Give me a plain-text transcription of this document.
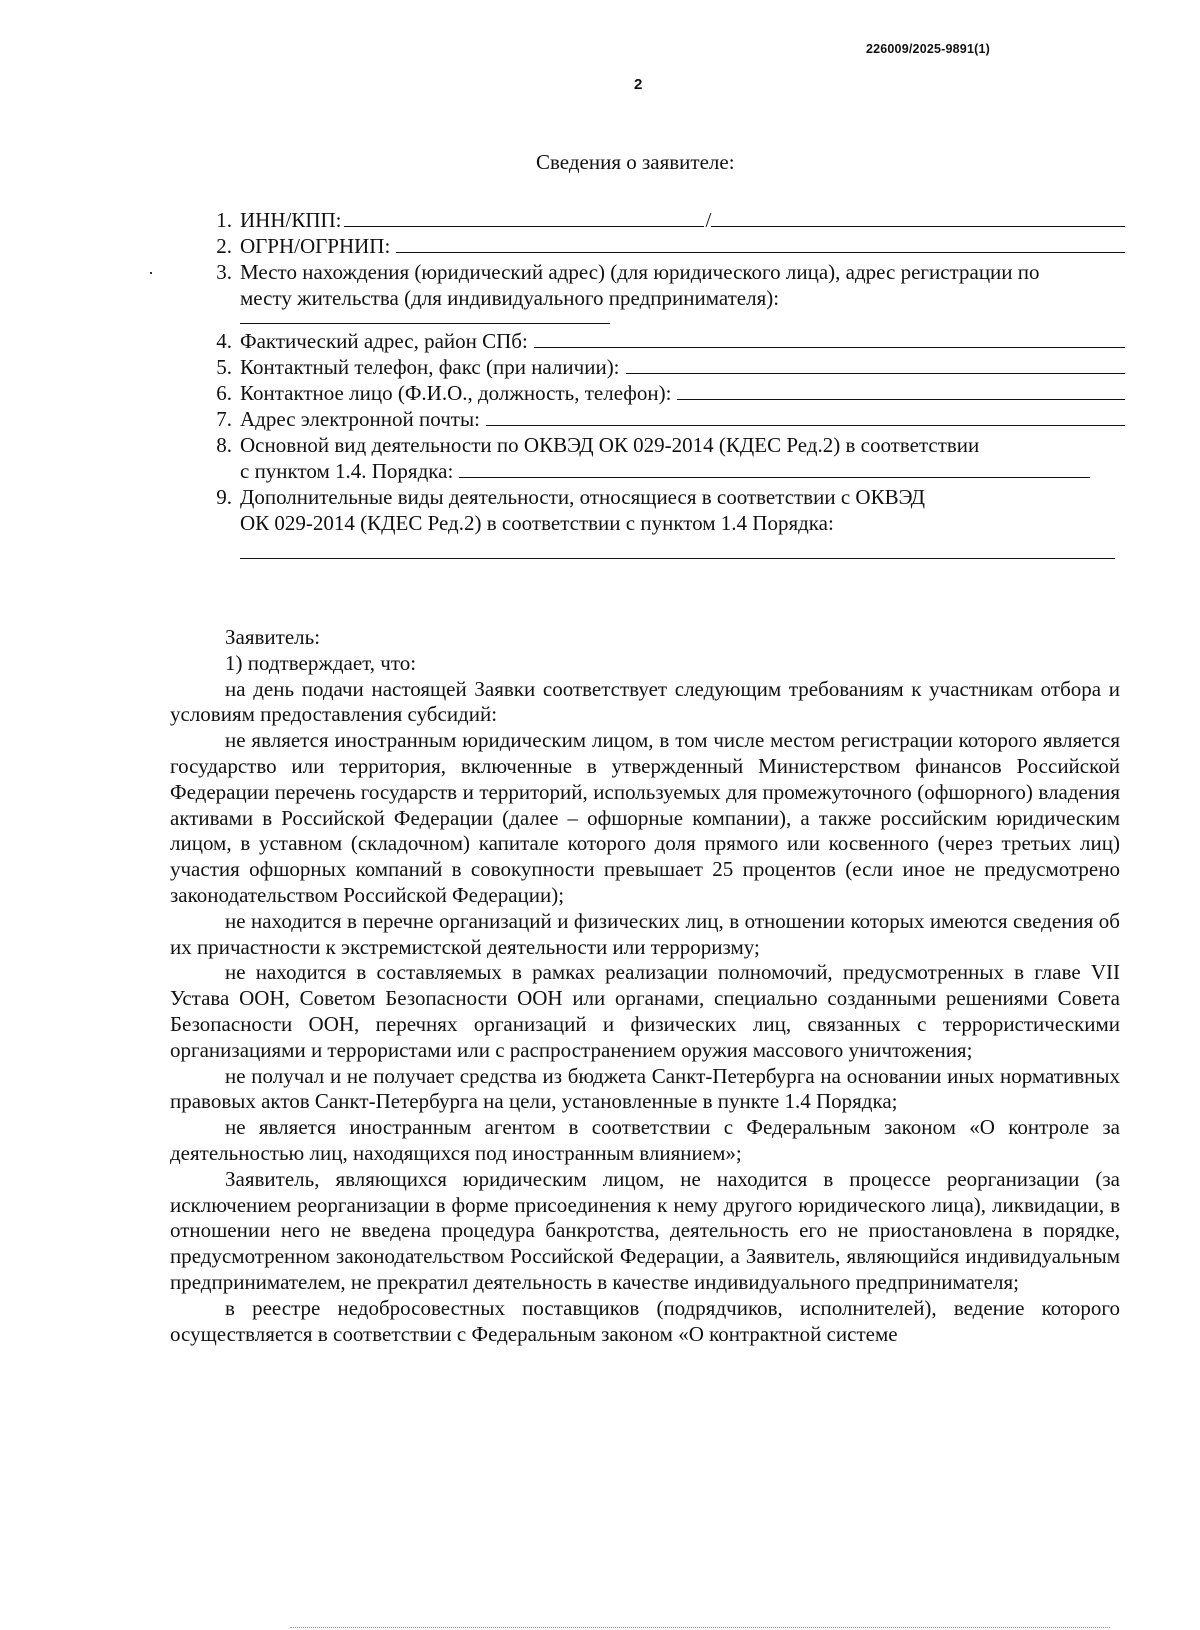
226009/2025-9891(1)
2
Сведения о заявителе:
1. ИНН/КПП:	/
2. ОГРН/ОГРНИП:
3. Место нахождения (юридический адрес) (для юридического лица), адрес регистрации по месту жительства (для индивидуального предпринимателя):
4. Фактический адрес, район СПб:
5. Контактный телефон, факс (при наличии):
6. Контактное лицо (Ф.И.О., должность, телефон):
7. Адрес электронной почты:
8. Основной вид деятельности по ОКВЭД ОК 029-2014 (КДЕС Ред.2) в соответствии
с пунктом 1.4. Порядка:
9. Дополнительные виды деятельности, относящиеся в соответствии с ОКВЭД
ОК 029-2014 (КДЕС Ред.2) в соответствии с пунктом 1.4 Порядка:

Заявитель:

1) подтверждает, что:

на день подачи настоящей Заявки соответствует следующим требованиям к участникам отбора и условиям предоставления субсидий:

не является иностранным юридическим лицом, в том числе местом регистрации которого является государство или территория, включенные в утвержденный Министерством финансов Российской Федерации перечень государств и территорий, используемых для промежуточного (офшорного) владения активами в Российской Федерации (далее – офшорные компании), а также российским юридическим лицом, в уставном (складочном) капитале которого доля прямого или косвенного (через третьих лиц) участия офшорных компаний в совокупности превышает 25 процентов (если иное не предусмотрено законодательством Российской Федерации);

не находится в перечне организаций и физических лиц, в отношении которых имеются сведения об их причастности к экстремистской деятельности или терроризму;

не находится в составляемых в рамках реализации полномочий, предусмотренных в главе VII Устава ООН, Советом Безопасности ООН или органами, специально созданными решениями Совета Безопасности ООН, перечнях организаций и физических лиц, связанных с террористическими организациями и террористами или с распространением оружия массового уничтожения;

не получал и не получает средства из бюджета Санкт-Петербурга на основании иных нормативных правовых актов Санкт-Петербурга на цели, установленные в пункте 1.4 Порядка;

не является иностранным агентом в соответствии с Федеральным законом «О контроле за деятельностью лиц, находящихся под иностранным влиянием»;

Заявитель, являющихся юридическим лицом, не находится в процессе реорганизации (за исключением реорганизации в форме присоединения к нему другого юридического лица), ликвидации, в отношении него не введена процедура банкротства, деятельность его не приостановлена в порядке, предусмотренном законодательством Российской Федерации, а Заявитель, являющийся индивидуальным предпринимателем, не прекратил деятельность в качестве индивидуального предпринимателя;

в реестре недобросовестных поставщиков (подрядчиков, исполнителей), ведение которого осуществляется в соответствии с Федеральным законом «О контрактной системе
